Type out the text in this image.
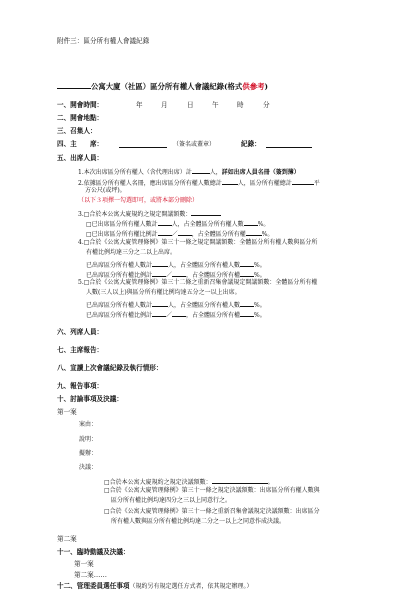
附件三：區分所有權人會議紀錄
公寓大廈（社區）區分所有權人會議紀錄(格式供參考)
一、開會時間：	年	月	日	午	時	分
二、開會地點：
三、召集人：
四、主　　席：	（簽名或蓋章）	紀錄：
五、出席人員：
1.本次出席區分所有權人（含代理出席）計	人，詳如出席人員名冊（簽到簿）
2.依據區分所有權人名冊，應出席區分所有權人數總計	人，區分所有權總計	平
方公尺(或坪)。
（以下３項擇一勾選即可，或將本部分刪除）
3.□合於本公寓大廈規約之規定開議額數：
□已出席區分所有權人數計 人，占全體區分所有權人數 %。
□已出席區分所有權比例計 ／ ，占全體區分所有權	%。
4.□合於《公寓大廈管理條例》第三十一條之規定開議額數：全體區分所有權人數與區分所
有權比例均達三分之二以上出席。
已出席區分所有權人數計	人，占全體區分所有權人數 %。
已出席區分所有權比例計 ／ ，占全體區分所有權 %。
5.□合於《公寓大廈管理條例》第三十二條之重新召集會議規定開議額數：全體區分所有權
人數(三人以上)與區分所有權比例均達五分之一以上出席。
已出席區分所有權人數計	人，占全體區分所有權人數 %。
已出席區分所有權比例計 ／ ，占全體區分所有權 %。
六、列席人員：
七、主席報告：
八、宣讀上次會議紀錄及執行情形：
九、報告事項：
十、討論事項及決議：
第一案
案由：
說明：
擬辦：
決議：
□合於本公寓大廈規約之規定決議額數：	。
□合於《公寓大廈管理條例》第三十一條之規定決議額數：出席區分所有權人數與
區分所有權比例均達四分之三以上同意行之。
□合於《公寓大廈管理條例》第三十一條之重新召集會議規定決議額數：出席區分
所有權人數與區分所有權比例均達二分之一以上之同意作成決議。
第二案
十一、臨時動議及決議：
第一案
第二案……
十二、管理委員選任事項（規約另有規定選任方式者，依其規定辦理。）
